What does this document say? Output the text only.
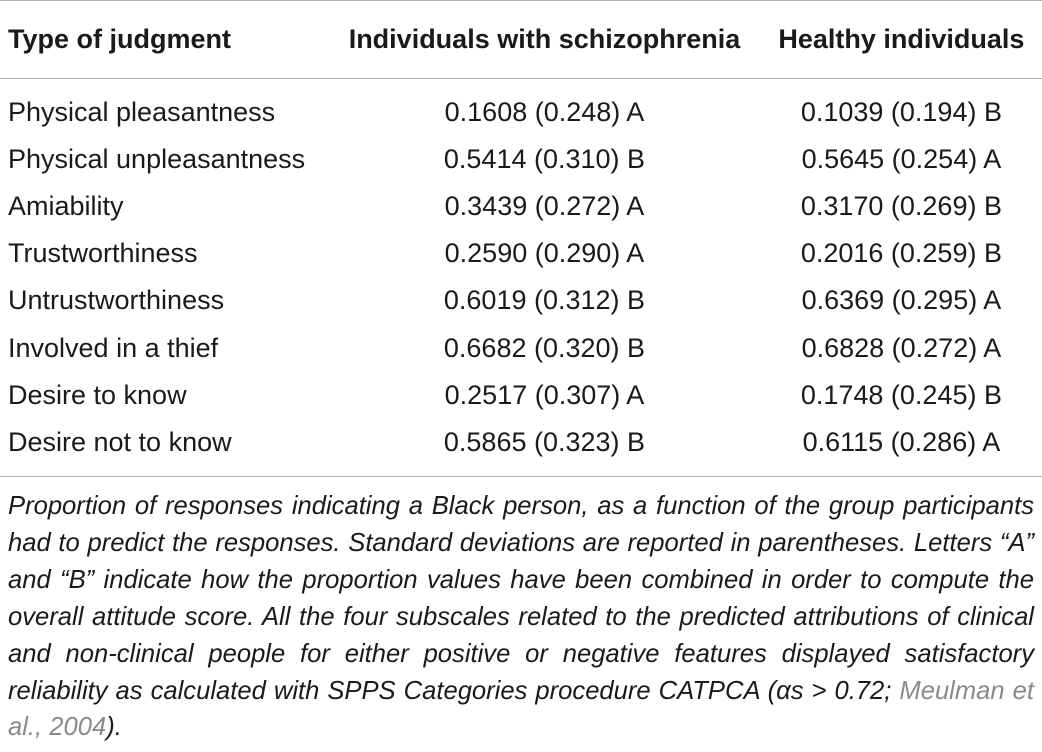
Type of judgment	Individuals with schizophrenia	Healthy individuals
Physical pleasantness	0.1608 (0.248) A	0.1039 (0.194) B
Physical unpleasantness	0.5414 (0.310) B	0.5645 (0.254) A
Amiability	0.3439 (0.272) A	0.3170 (0.269) B
Trustworthiness	0.2590 (0.290) A	0.2016 (0.259) B
Untrustworthiness	0.6019 (0.312) B	0.6369 (0.295) A
Involved in a thief	0.6682 (0.320) B	0.6828 (0.272) A
Desire to know	0.2517 (0.307) A	0.1748 (0.245) B
Desire not to know	0.5865 (0.323) B	0.6115 (0.286) A
Proportion of responses indicating a Black person, as a function of the group participants had to predict the responses. Standard deviations are reported in parentheses. Letters “A” and “B” indicate how the proportion values have been combined in order to compute the overall attitude score. All the four subscales related to the predicted attributions of clinical and non-clinical people for either positive or negative features displayed satisfactory reliability as calculated with SPPS Categories procedure CATPCA (αs > 0.72; Meulman et al., 2004).
